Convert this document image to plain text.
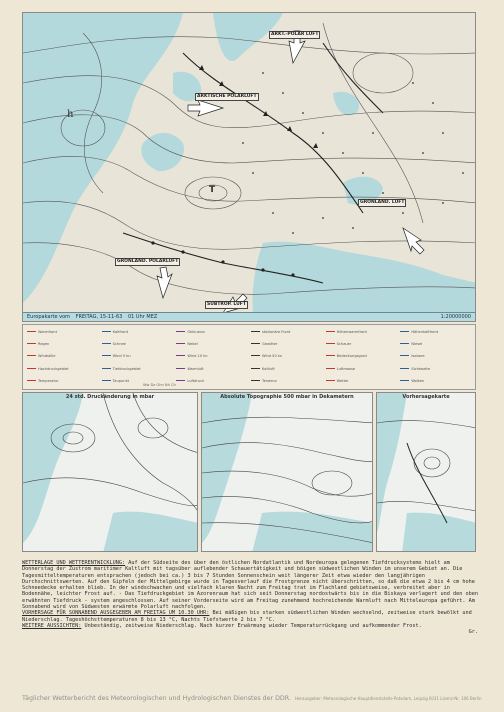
ARKT.-POLAR LUFT
ARKTISCHE POLARLUFT
GRÖNLÄND. POLARLUFT
SUBTROP. LUFT
GRÖNLÄND. LUFT
h
T
Europakarte vom FREITAG, 15-11-63 01 Uhr MEZ	1:20000000
Warmfront	Kaltfront	Okklusion	stationäre Front	Höhenwarmfront	Höhenkaltfront
Regen	Schnee	Nebel	Gewitter	Schauer	Niesel
Windstille	Wind 5 kn	Wind 10 kn	Wind 50 kn	Bedeckungsgrad	Isobare
Hochdruckgebiet	Tiefdruckgebiet	Warmluft	Kaltluft	Luftmasse	Sichtweite
Temperatur	Taupunkt	Luftdruck	Tendenz	Wetter	Wolken
Ww Dz Ghn Nh Ch
24 std. Druckänderung in mbar	Absolute Topographie 500 mbar in Dekametern	Vorhersagekarte

WETTERLAGE UND WETTERENTWICKLUNG: Auf der Südseite des über den östlichen Nordatlantik und Nordeuropa gelegenen Tiefdrucksystems hielt am Donnerstag der Zustrom maritimer Kaltluft mit tagsüber auflebender Schauertätigkeit und böigen südwestlichen Winden im unserem Gebiet an. Die Tagesmitteltemperaturen entsprachen (jedoch bei ca.) 3 bis 7 Stunden Sonnenschein weit längerer Zeit etwa wieder den langjährigen Durchschnittswerten. Auf den Gipfeln der Mittelgebirge wurde in Tagesverlauf die Frostgrenze nicht überschritten, so daß die etwa 2 bis 4 cm hohe Schneedecke erhalten blieb. In der windschwachen und vielfach klaren Nacht zum Freitag trat im Flachland gebietsweise, verbreitet aber in Bodennähe, leichter Frost auf. - Das Tiefdruckgebiet im Azorenraum hat sich seit Donnerstag nordostwärts bis in die Biskaya verlagert und den oben erwähnten Tiefdruck - system angeschlossen. Auf seiner Vorderseite wird am Freitag zunehmend hochreichende Warmluft nach Mitteleuropa geführt. Am Sonnabend wird von Südwesten erwärmte Polarluft nachfolgen.

VORHERSAGE FÜR SONNABEND AUSGEGEBEN AM FREITAG UM 10.30 UHR: Bei mäßigen bis starken südwestlichen Winden wechselnd, zeitweise stark bewölkt und Niederschlag. Tageshöchsttemperaturen 8 bis 13 °C, Nachts Tiefstwerte 2 bis 7 °C.

WEITERE AUSSICHTEN: Unbeständig, zeitweise Niederschlag. Nach kurzer Erwärmung wieder Temperaturrückgang und aufkommender Frost.

Gr.

Täglicher Wetterbericht des Meteorologischen und Hydrologischen Dienstes der DDR. Herausgeber: Meteorologische Hauptdienststelle Potsdam, Leipzig III/31 Lizenz-Nr. 106 Berlin
